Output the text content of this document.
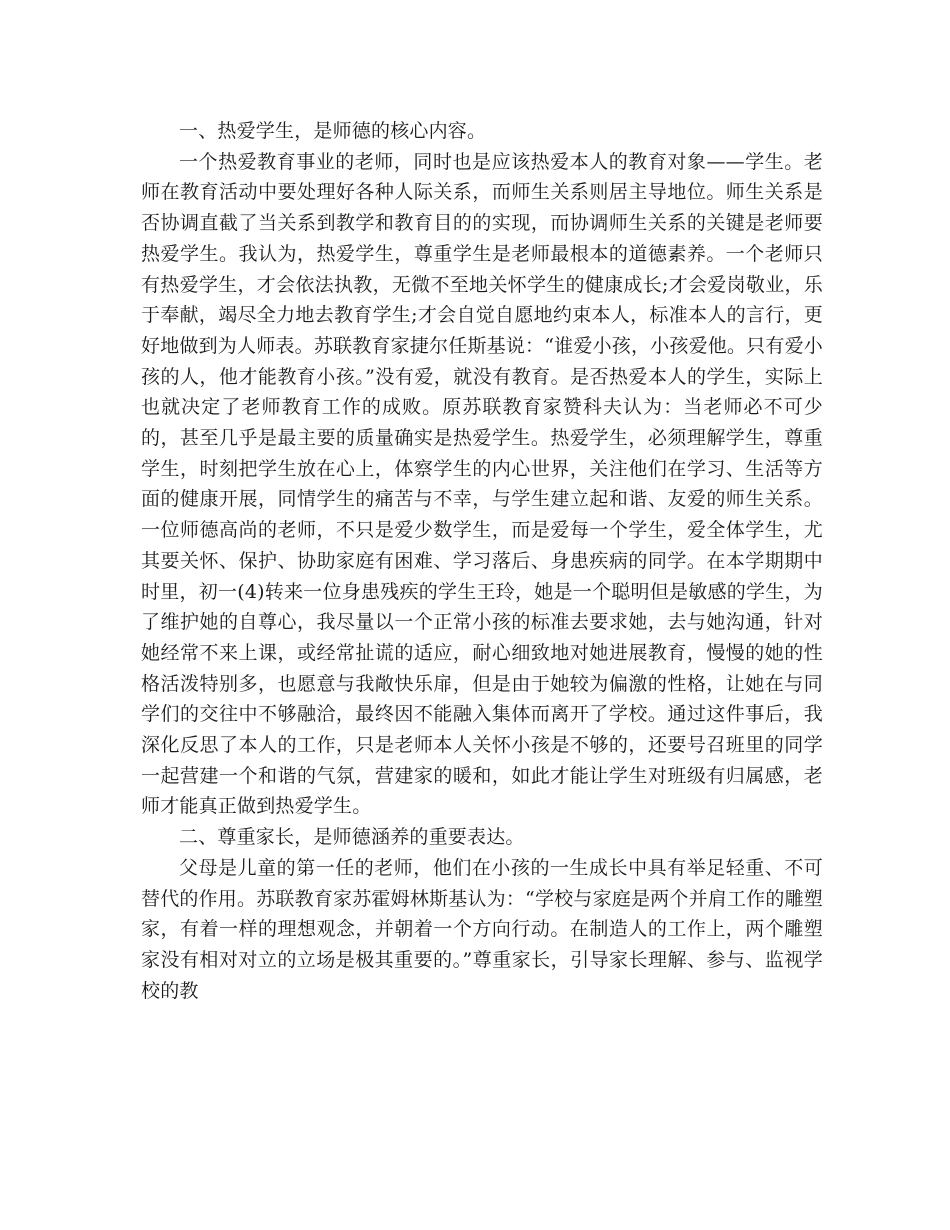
一、热爱学生，是师德的核心内容。

一个热爱教育事业的老师，同时也是应该热爱本人的教育对象——学生。老师在教育活动中要处理好各种人际关系，而师生关系则居主导地位。师生关系是否协调直截了当关系到教学和教育目的的实现，而协调师生关系的关键是老师要热爱学生。我认为，热爱学生，尊重学生是老师最根本的道德素养。一个老师只有热爱学生，才会依法执教，无微不至地关怀学生的健康成长;才会爱岗敬业，乐于奉献，竭尽全力地去教育学生;才会自觉自愿地约束本人，标准本人的言行，更好地做到为人师表。苏联教育家捷尔任斯基说：“谁爱小孩，小孩爱他。只有爱小孩的人，他才能教育小孩。”没有爱，就没有教育。是否热爱本人的学生，实际上也就决定了老师教育工作的成败。原苏联教育家赞科夫认为：当老师必不可少的，甚至几乎是最主要的质量确实是热爱学生。热爱学生，必须理解学生，尊重学生，时刻把学生放在心上，体察学生的内心世界，关注他们在学习、生活等方面的健康开展，同情学生的痛苦与不幸，与学生建立起和谐、友爱的师生关系。一位师德高尚的老师，不只是爱少数学生，而是爱每一个学生，爱全体学生，尤其要关怀、保护、协助家庭有困难、学习落后、身患疾病的同学。在本学期期中时里，初一(4)转来一位身患残疾的学生王玲，她是一个聪明但是敏感的学生，为了维护她的自尊心，我尽量以一个正常小孩的标准去要求她，去与她沟通，针对她经常不来上课，或经常扯谎的适应，耐心细致地对她进展教育，慢慢的她的性格活泼特别多，也愿意与我敞快乐扉，但是由于她较为偏激的性格，让她在与同学们的交往中不够融洽，最终因不能融入集体而离开了学校。通过这件事后，我深化反思了本人的工作，只是老师本人关怀小孩是不够的，还要号召班里的同学一起营建一个和谐的气氛，营建家的暖和，如此才能让学生对班级有归属感，老师才能真正做到热爱学生。

二、尊重家长，是师德涵养的重要表达。

父母是儿童的第一任的老师，他们在小孩的一生成长中具有举足轻重、不可替代的作用。苏联教育家苏霍姆林斯基认为：“学校与家庭是两个并肩工作的雕塑家，有着一样的理想观念，并朝着一个方向行动。在制造人的工作上，两个雕塑家没有相对对立的立场是极其重要的。”尊重家长，引导家长理解、参与、监视学校的教
